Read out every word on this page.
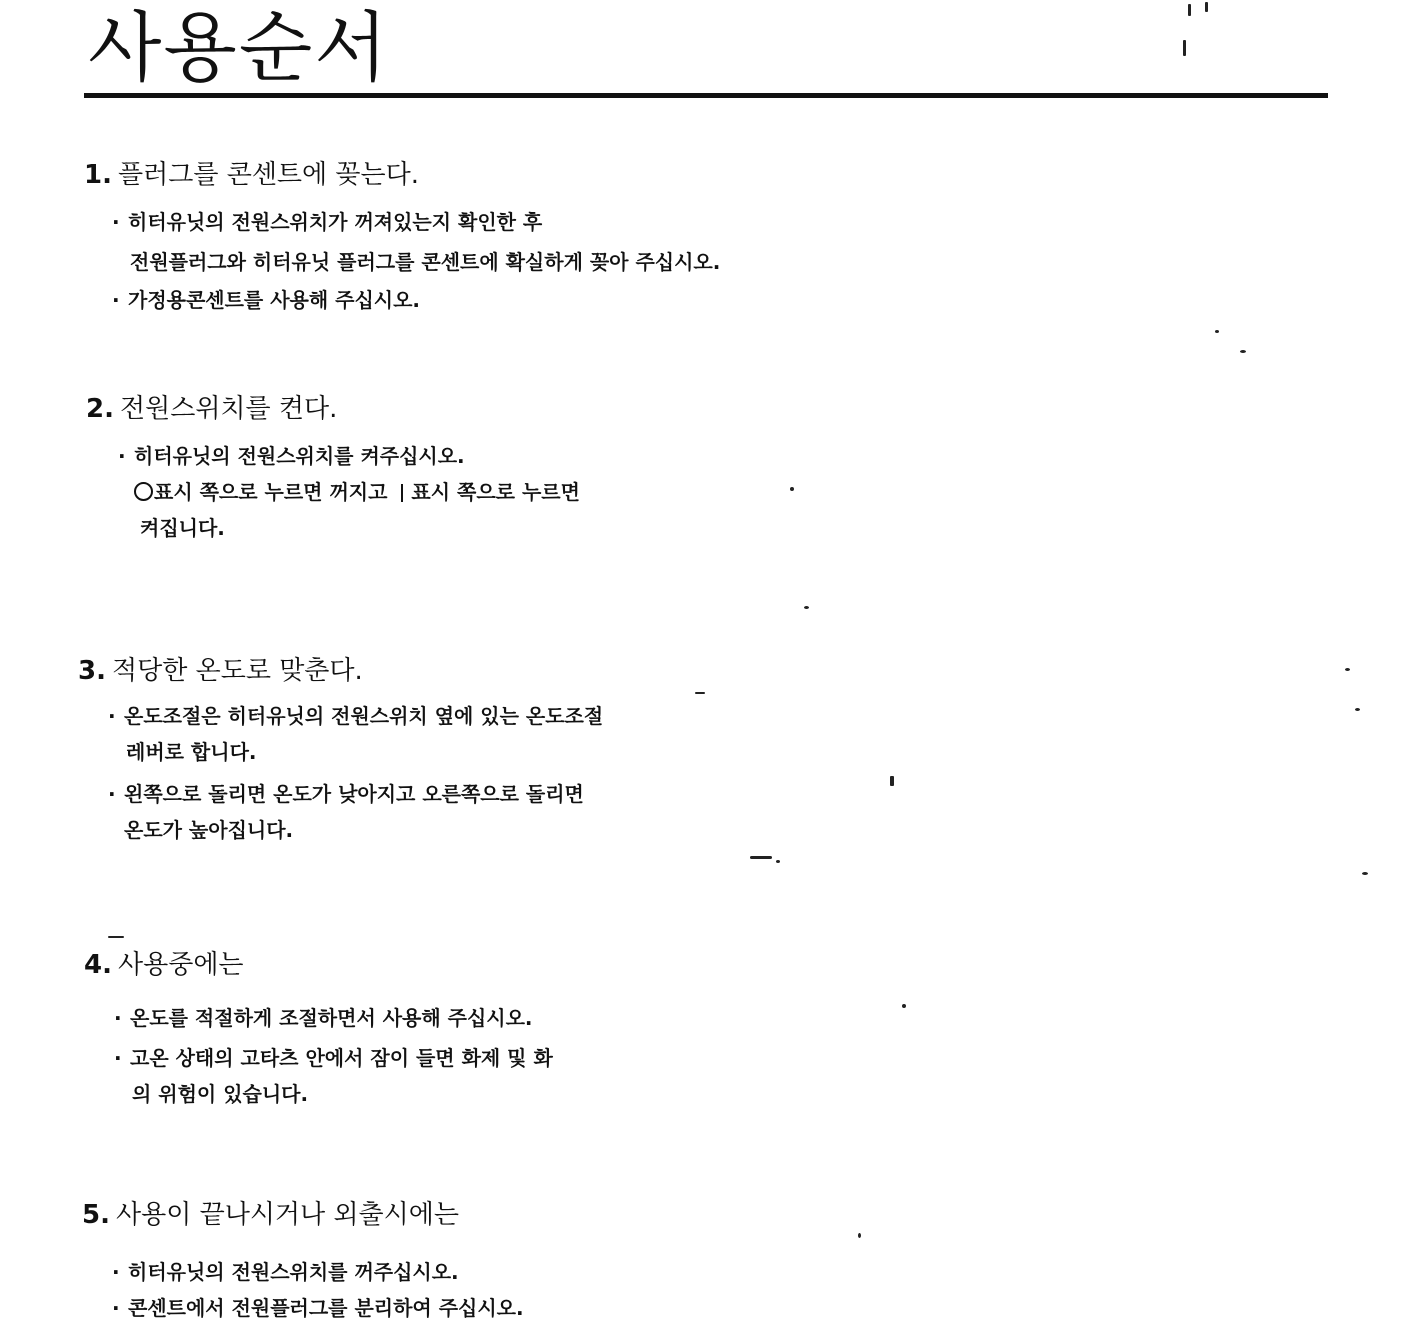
사용순서

1. 플러그를 콘센트에 꽂는다.

· 히터유닛의 전원스위치가 꺼져있는지 확인한 후
전원플러그와 히터유닛 플러그를 콘센트에 확실하게 꽂아 주십시오.
· 가정용콘센트를 사용해 주십시오.

2. 전원스위치를 켠다.

· 히터유닛의 전원스위치를 켜주십시오.
표시 쪽으로 누르면 꺼지고 표시 쪽으로 누르면
켜집니다.

3. 적당한 온도로 맞춘다.

· 온도조절은 히터유닛의 전원스위치 옆에 있는 온도조절
레버로 합니다.
· 왼쪽으로 돌리면 온도가 낮아지고 오른쪽으로 돌리면
온도가 높아집니다.

4. 사용중에는

· 온도를 적절하게 조절하면서 사용해 주십시오.
· 고온 상태의 고타츠 안에서 잠이 들면 화제 및 화
의 위험이 있습니다.

5. 사용이 끝나시거나 외출시에는

· 히터유닛의 전원스위치를 꺼주십시오.
· 콘센트에서 전원플러그를 분리하여 주십시오.
